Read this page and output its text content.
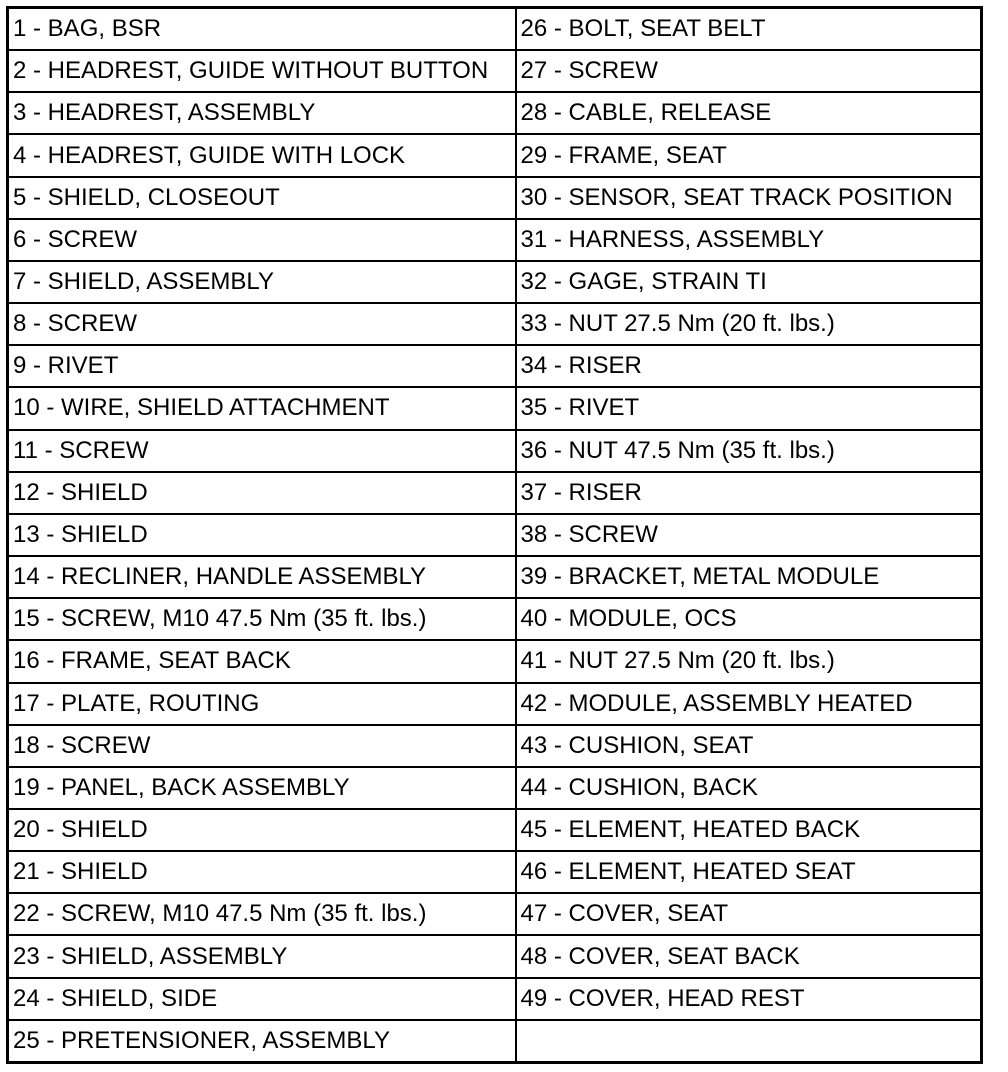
1 - BAG, BSR	26 - BOLT, SEAT BELT
2 - HEADREST, GUIDE WITHOUT BUTTON	27 - SCREW
3 - HEADREST, ASSEMBLY	28 - CABLE, RELEASE
4 - HEADREST, GUIDE WITH LOCK	29 - FRAME, SEAT
5 - SHIELD, CLOSEOUT	30 - SENSOR, SEAT TRACK POSITION
6 - SCREW	31 - HARNESS, ASSEMBLY
7 - SHIELD, ASSEMBLY	32 - GAGE, STRAIN TI
8 - SCREW	33 - NUT 27.5 Nm (20 ft. lbs.)
9 - RIVET	34 - RISER
10 - WIRE, SHIELD ATTACHMENT	35 - RIVET
11 - SCREW	36 - NUT 47.5 Nm (35 ft. lbs.)
12 - SHIELD	37 - RISER
13 - SHIELD	38 - SCREW
14 - RECLINER, HANDLE ASSEMBLY	39 - BRACKET, METAL MODULE
15 - SCREW, M10 47.5 Nm (35 ft. lbs.)	40 - MODULE, OCS
16 - FRAME, SEAT BACK	41 - NUT 27.5 Nm (20 ft. lbs.)
17 - PLATE, ROUTING	42 - MODULE, ASSEMBLY HEATED
18 - SCREW	43 - CUSHION, SEAT
19 - PANEL, BACK ASSEMBLY	44 - CUSHION, BACK
20 - SHIELD	45 - ELEMENT, HEATED BACK
21 - SHIELD	46 - ELEMENT, HEATED SEAT
22 - SCREW, M10 47.5 Nm (35 ft. lbs.)	47 - COVER, SEAT
23 - SHIELD, ASSEMBLY	48 - COVER, SEAT BACK
24 - SHIELD, SIDE	49 - COVER, HEAD REST
25 - PRETENSIONER, ASSEMBLY	
